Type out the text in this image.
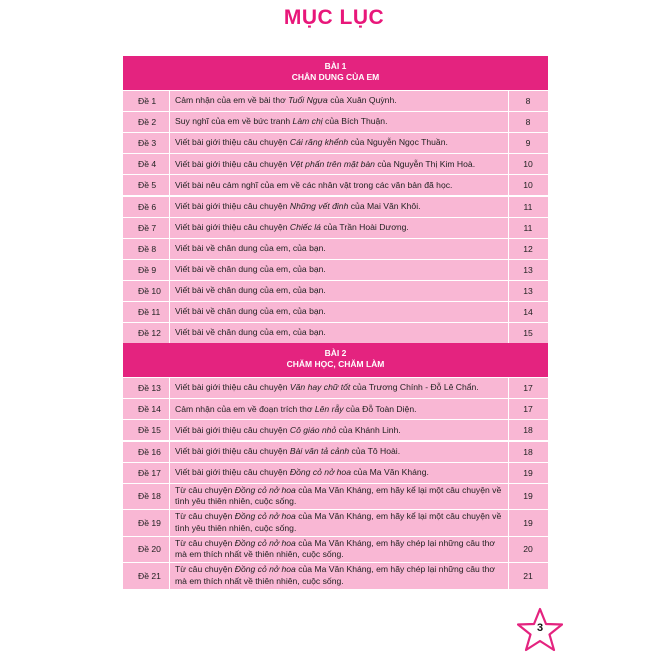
MỤC LỤC
BÀI 1
CHÂN DUNG CỦA EM
Đề 1	Cảm nhận của em về bài thơ Tuổi Ngựa của Xuân Quỳnh.	8
Đề 2	Suy nghĩ của em về bức tranh Làm chị của Bích Thuận.	8
Đề 3	Viết bài giới thiệu câu chuyện Cái răng khểnh của Nguyễn Ngọc Thuần.	9
Đề 4	Viết bài giới thiệu câu chuyện Vệt phấn trên mặt bàn của Nguyễn Thị Kim Hoà.	10
Đề 5	Viết bài nêu cảm nghĩ của em về các nhân vật trong các văn bản đã học.	10
Đề 6	Viết bài giới thiệu câu chuyện Những vết đinh của Mai Văn Khôi.	11
Đề 7	Viết bài giới thiệu câu chuyện Chiếc lá của Trần Hoài Dương.	11
Đề 8	Viết bài về chân dung của em, của bạn.	12
Đề 9	Viết bài về chân dung của em, của bạn.	13
Đề 10 Viết bài về chân dung của em, của bạn.	13
Đề 11	Viết bài về chân dung của em, của bạn.	14
Đề 12 Viết bài về chân dung của em, của bạn.	15
BÀI 2
CHĂM HỌC, CHĂM LÀM
Đề 13 Viết bài giới thiệu câu chuyện Văn hay chữ tốt của Trương Chính - Đỗ Lê Chẩn.	17
Đề 14 Cảm nhận của em về đoạn trích thơ Lên rẫy của Đỗ Toàn Diện.	17
Đề 15 Viết bài giới thiệu câu chuyện Cô giáo nhỏ của Khánh Linh.	18
Đề 16 Viết bài giới thiệu câu chuyện Bài văn tả cảnh của Tô Hoài.	18
Đề 17 Viết bài giới thiệu câu chuyện Đồng cỏ nở hoa của Ma Văn Kháng.	19
Đề 18
Từ câu chuyện Đồng cỏ nở hoa của Ma Văn Kháng, em hãy kể lại một câu chuyện về tình yêu thiên nhiên, cuộc sống.	19
Đề 19
Từ câu chuyện Đồng cỏ nở hoa của Ma Văn Kháng, em hãy kể lại một câu chuyện về tình yêu thiên nhiên, cuộc sống.	19
Đề 20
Từ câu chuyện Đồng cỏ nở hoa của Ma Văn Kháng, em hãy chép lại những câu thơ mà em thích nhất về thiên nhiên, cuộc sống.	20
Đề 21
Từ câu chuyện Đồng cỏ nở hoa của Ma Văn Kháng, em hãy chép lại những câu thơ mà em thích nhất về thiên nhiên, cuộc sống.	21
3
